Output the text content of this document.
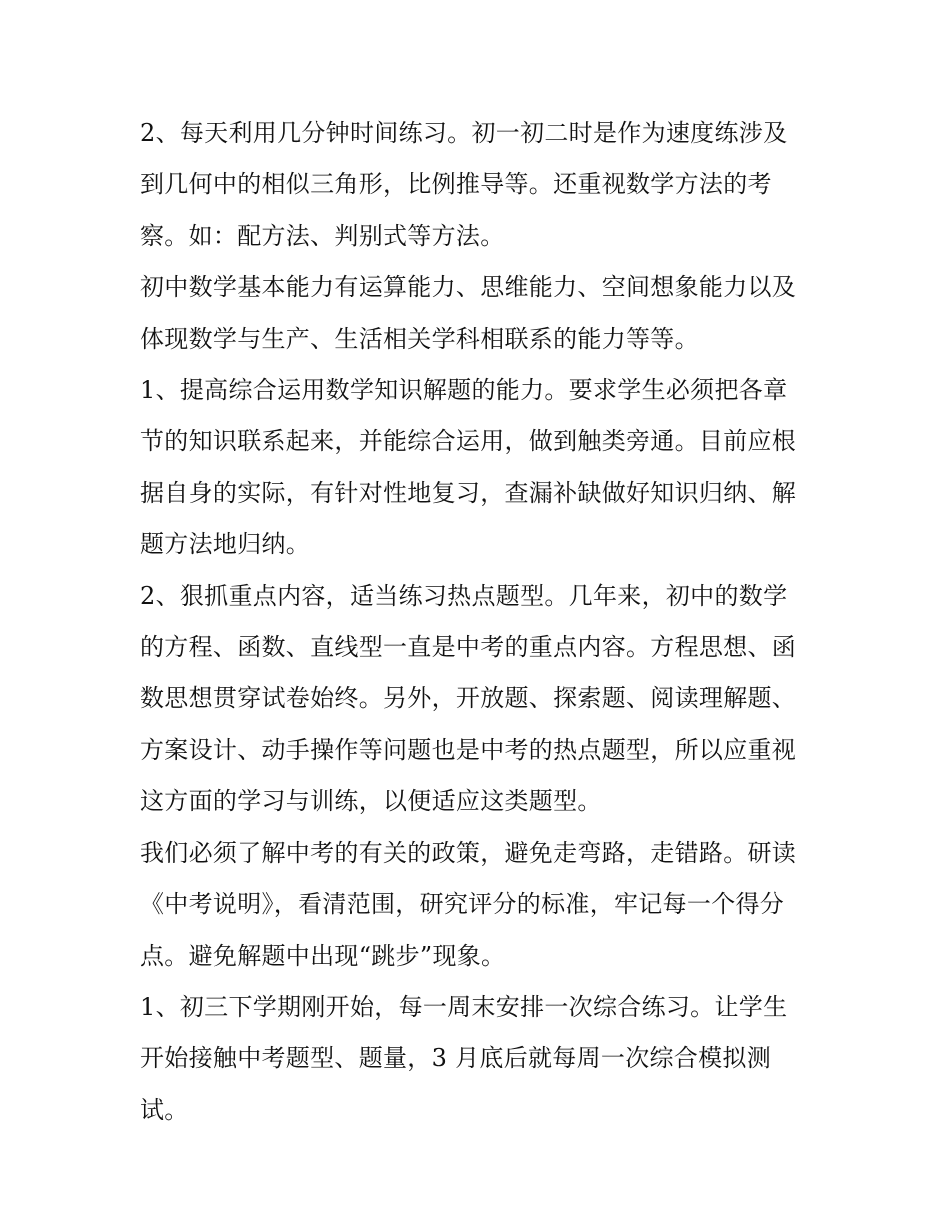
2、每天利用几分钟时间练习。初一初二时是作为速度练涉及
到几何中的相似三角形，比例推导等。还重视数学方法的考
察。如：配方法、判别式等方法。
初中数学基本能力有运算能力、思维能力、空间想象能力以及
体现数学与生产、生活相关学科相联系的能力等等。
1、提高综合运用数学知识解题的能力。要求学生必须把各章
节的知识联系起来，并能综合运用，做到触类旁通。目前应根
据自身的实际，有针对性地复习，查漏补缺做好知识归纳、解
题方法地归纳。
2、狠抓重点内容，适当练习热点题型。几年来，初中的数学
的方程、函数、直线型一直是中考的重点内容。方程思想、函
数思想贯穿试卷始终。另外，开放题、探索题、阅读理解题、
方案设计、动手操作等问题也是中考的热点题型，所以应重视
这方面的学习与训练，以便适应这类题型。
我们必须了解中考的有关的政策，避免走弯路，走错路。研读
《中考说明》，看清范围，研究评分的标准，牢记每一个得分
点。避免解题中出现“跳步”现象。
1、初三下学期刚开始，每一周末安排一次综合练习。让学生
开始接触中考题型、题量，3 月底后就每周一次综合模拟测
试。
